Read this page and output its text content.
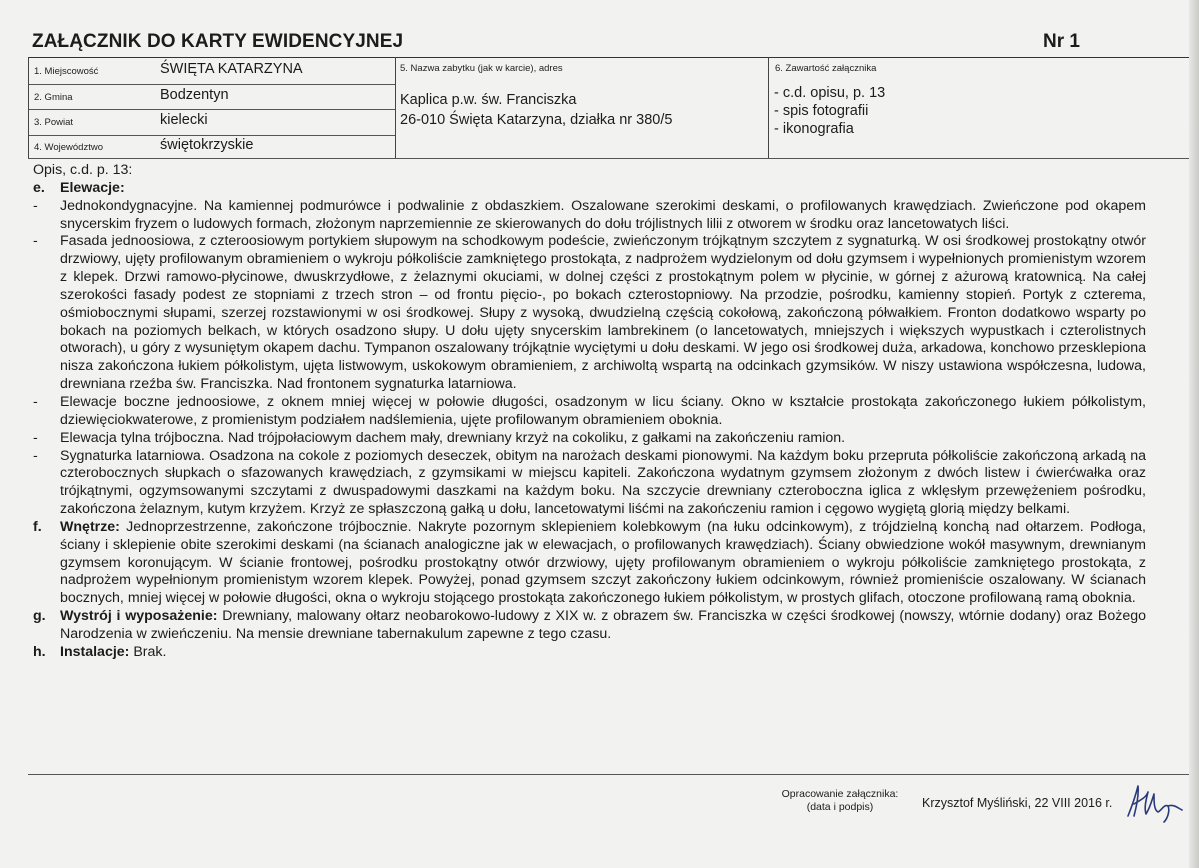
ZAŁĄCZNIK DO KARTY EWIDENCYJNEJ	Nr 1
1. Miejscowość	ŚWIĘTA KATARZYNA
2. Gmina	Bodzentyn
3. Powiat	kielecki
4. Województwo	świętokrzyskie
5. Nazwa zabytku (jak w karcie), adres
Kaplica p.w. św. Franciszka
26-010 Święta Katarzyna, działka nr 380/5
6. Zawartość załącznika
- c.d. opisu, p. 13
- spis fotografii
- ikonografia
Opis, c.d. p. 13:
e.	Elewacje:
-	Jednokondygnacyjne. Na kamiennej podmurówce i podwalinie z obdaszkiem. Oszalowane szerokimi deskami, o profilowanych krawędziach. Zwieńczone pod okapem snycerskim fryzem o ludowych formach, złożonym naprzemiennie ze skierowanych do dołu trójlistnych lilii z otworem w środku oraz lancetowatych liści.
-	Fasada jednoosiowa, z czteroosiowym portykiem słupowym na schodkowym podeście, zwieńczonym trójkątnym szczytem z sygnaturką. W osi środkowej prostokątny otwór drzwiowy, ujęty profilowanym obramieniem o wykroju półkoliście zamkniętego prostokąta, z nadprożem wydzielonym od dołu gzymsem i wypełnionych promienistym wzorem z klepek. Drzwi ramowo-płycinowe, dwuskrzydłowe, z żelaznymi okuciami, w dolnej części z prostokątnym polem w płycinie, w górnej z ażurową kratownicą. Na całej szerokości fasady podest ze stopniami z trzech stron – od frontu pięcio-, po bokach czterostopniowy. Na przodzie, pośrodku, kamienny stopień. Portyk z czterema, ośmiobocznymi słupami, szerzej rozstawionymi w osi środkowej. Słupy z wysoką, dwudzielną częścią cokołową, zakończoną półwałkiem. Fronton dodatkowo wsparty po bokach na poziomych belkach, w których osadzono słupy. U dołu ujęty snycerskim lambrekinem (o lancetowatych, mniejszych i większych wypustkach i czterolistnych otworach), u góry z wysuniętym okapem dachu. Tympanon oszalowany trójkątnie wyciętymi u dołu deskami. W jego osi środkowej duża, arkadowa, konchowo przesklepiona nisza zakończona łukiem półkolistym, ujęta listwowym, uskokowym obramieniem, z archiwoltą wspartą na odcinkach gzymsików. W niszy ustawiona współczesna, ludowa, drewniana rzeźba św. Franciszka. Nad frontonem sygnaturka latarniowa.
-	Elewacje boczne jednoosiowe, z oknem mniej więcej w połowie długości, osadzonym w licu ściany. Okno w kształcie prostokąta zakończonego łukiem półkolistym, dziewięciokwaterowe, z promienistym podziałem nadślemienia, ujęte profilowanym obramieniem obokniа.
-	Elewacja tylna trójboczna. Nad trójpołaciowym dachem mały, drewniany krzyż na cokoliku, z gałkami na zakończeniu ramion.
-	Sygnaturka latarniowa. Osadzona na cokole z poziomych deseczek, obitym na narożach deskami pionowymi. Na każdym boku przepruta półkoliście zakończoną arkadą na czterobocznych słupkach o sfazowanych krawędziach, z gzymsikami w miejscu kapiteli. Zakończona wydatnym gzymsem złożonym z dwóch listew i ćwierćwałka oraz trójkątnymi, ogzymsowanymi szczytami z dwuspadowymi daszkami na każdym boku. Na szczycie drewniany czteroboczna iglica z wklęsłym przewężeniem pośrodku, zakończona żelaznym, kutym krzyżem. Krzyż ze spłaszczoną gałką u dołu, lancetowatymi liśćmi na zakończeniu ramion i cęgowo wygiętą glorią między belkami.
f.	Wnętrze: Jednoprzestrzenne, zakończone trójbocznie. Nakryte pozornym sklepieniem kolebkowym (na łuku odcinkowym), z trójdzielną konchą nad ołtarzem. Podłoga, ściany i sklepienie obite szerokimi deskami (na ścianach analogiczne jak w elewacjach, o profilowanych krawędziach). Ściany obwiedzione wokół masywnym, drewnianym gzymsem koronującym. W ścianie frontowej, pośrodku prostokątny otwór drzwiowy, ujęty profilowanym obramieniem o wykroju półkoliście zamkniętego prostokąta, z nadprożem wypełnionym promienistym wzorem klepek. Powyżej, ponad gzymsem szczyt zakończony łukiem odcinkowym, również promieniście oszalowany. W ścianach bocznych, mniej więcej w połowie długości, okna o wykroju stojącego prostokąta zakończonego łukiem półkolistym, w prostych glifach, otoczone profilowaną ramą obokniа.
g.	Wystrój i wyposażenie: Drewniany, malowany ołtarz neobarokowo-ludowy z XIX w. z obrazem św. Franciszka w części środkowej (nowszy, wtórnie dodany) oraz Bożego Narodzenia w zwieńczeniu. Na mensie drewniane tabernakulum zapewne z tego czasu.
h.	Instalacje: Brak.
Opracowanie załącznika:
(data i podpis)	Krzysztof Myśliński, 22 VIII 2016 r.
